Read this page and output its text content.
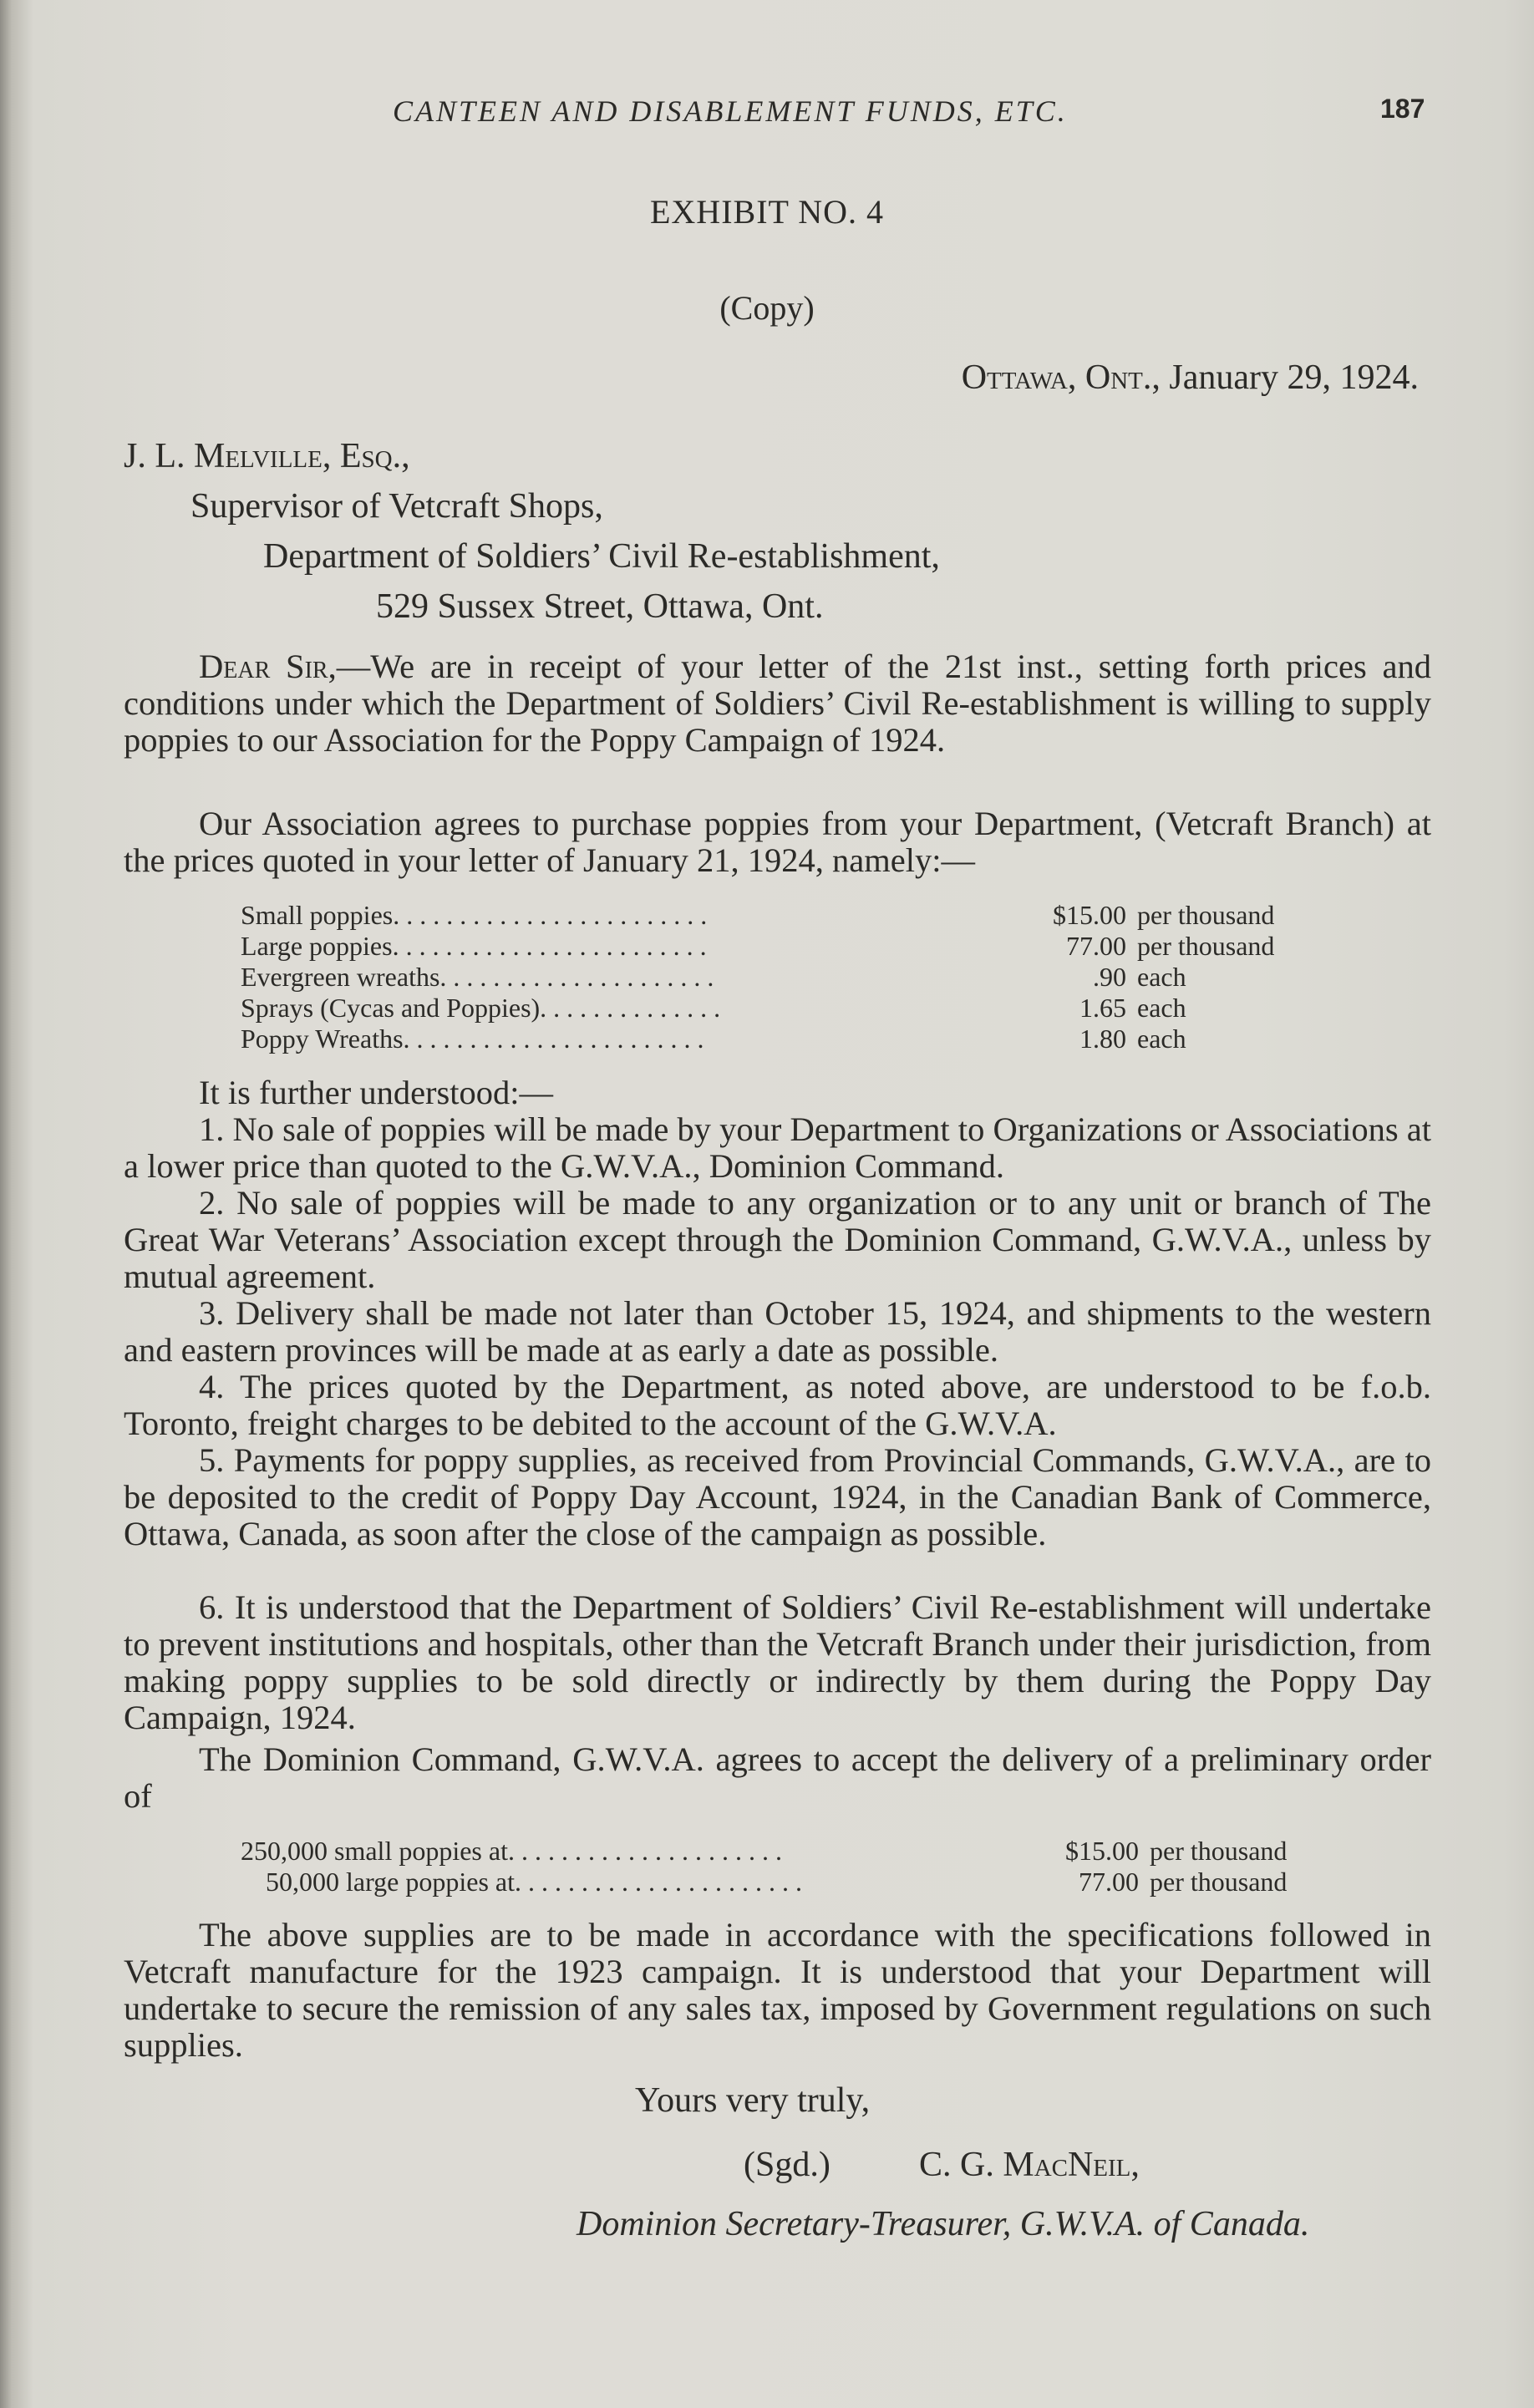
CANTEEN AND DISABLEMENT FUNDS, ETC.	187
EXHIBIT NO. 4
(Copy)
Ottawa, Ont., January 29, 1924.
J. L. Melville, Esq.,
Supervisor of Vetcraft Shops,
Department of Soldiers’ Civil Re-establishment,
529 Sussex Street, Ottawa, Ont.
Dear Sir,—We are in receipt of your letter of the 21st inst., setting forth prices and conditions under which the Department of Soldiers’ Civil Re-establishment is willing to supply poppies to our Association for the Poppy Campaign of 1924.
Our Association agrees to purchase poppies from your Department, (Vetcraft Branch) at the prices quoted in your letter of January 21, 1924, namely:—
Small poppies. . . . . . . . . . . . . . . . . . . . . . . .	$15.00 per thousand
Large poppies. . . . . . . . . . . . . . . . . . . . . . . .	77.00 per thousand
Evergreen wreaths. . . . . . . . . . . . . . . . . . . . .	.90 each
Sprays (Cycas and Poppies). . . . . . . . . . . . . .	1.65 each
Poppy Wreaths. . . . . . . . . . . . . . . . . . . . . . .	1.80 each
It is further understood:—
1. No sale of poppies will be made by your Department to Organizations or Associations at a lower price than quoted to the G.W.V.A., Dominion Command.
2. No sale of poppies will be made to any organization or to any unit or branch of The Great War Veterans’ Association except through the Dominion Command, G.W.V.A., unless by mutual agreement.
3. Delivery shall be made not later than October 15, 1924, and shipments to the western and eastern provinces will be made at as early a date as possible.
4. The prices quoted by the Department, as noted above, are understood to be f.o.b. Toronto, freight charges to be debited to the account of the G.W.V.A.
5. Payments for poppy supplies, as received from Provincial Commands, G.W.V.A., are to be deposited to the credit of Poppy Day Account, 1924, in the Canadian Bank of Commerce, Ottawa, Canada, as soon after the close of the campaign as possible.
6. It is understood that the Department of Soldiers’ Civil Re-establishment will undertake to prevent institutions and hospitals, other than the Vetcraft Branch under their jurisdiction, from making poppy supplies to be sold directly or indirectly by them during the Poppy Day Campaign, 1924.
The Dominion Command, G.W.V.A. agrees to accept the delivery of a preliminary order of
250,000 small poppies at. . . . . . . . . . . . . . . . . . . . .	$15.00 per thousand
50,000 large poppies at. . . . . . . . . . . . . . . . . . . . . .	77.00 per thousand
The above supplies are to be made in accordance with the specifications followed in Vetcraft manufacture for the 1923 campaign. It is understood that your Department will undertake to secure the remission of any sales tax, imposed by Government regulations on such supplies.
Yours very truly,
(Sgd.)	C. G. MacNeil,
Dominion Secretary-Treasurer, G.W.V.A. of Canada.
